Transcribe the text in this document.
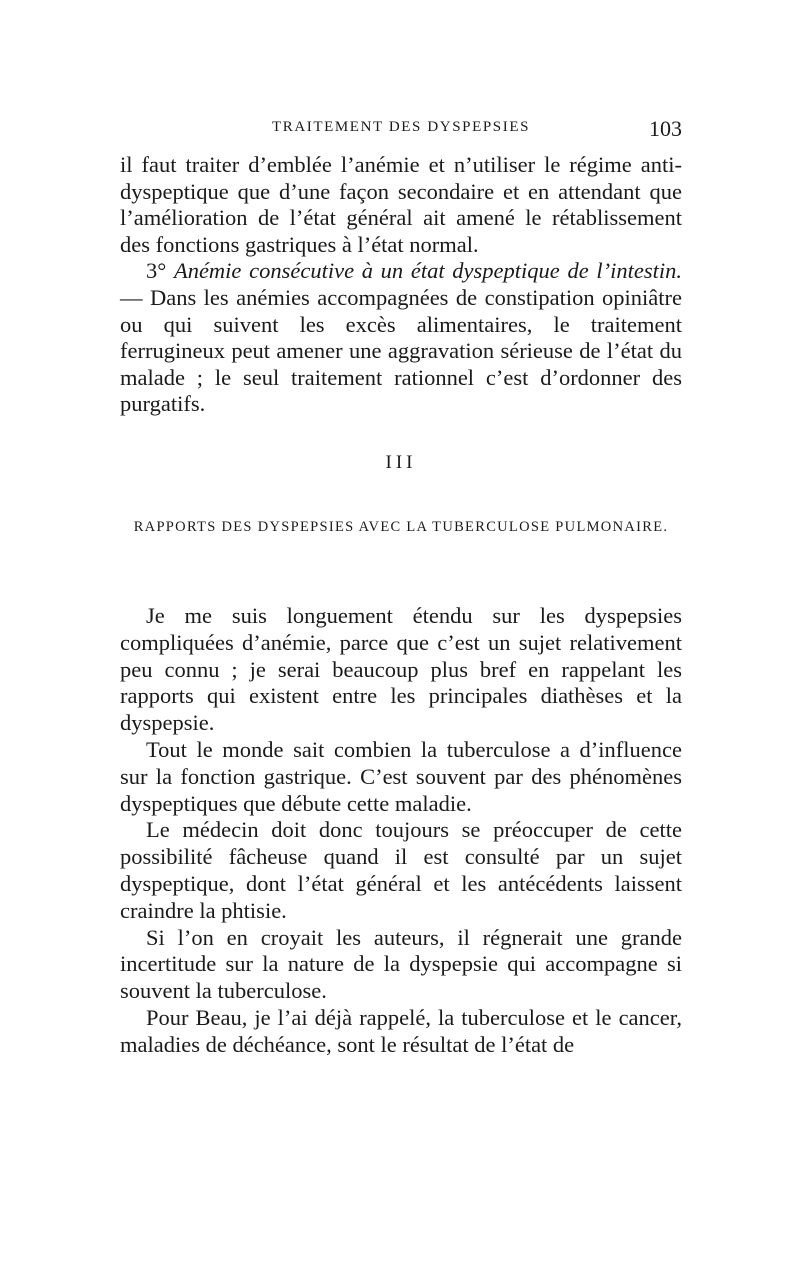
TRAITEMENT DES DYSPEPSIES	103

il faut traiter d’emblée l’anémie et n’utiliser le régime anti-dyspeptique que d’une façon secondaire et en attendant que l’amélioration de l’état général ait amené le rétablissement des fonctions gastriques à l’état normal.

3° Anémie consécutive à un état dyspeptique de l’intestin. — Dans les anémies accompagnées de constipation opiniâtre ou qui suivent les excès alimentaires, le traitement ferrugineux peut amener une aggravation sérieuse de l’état du malade ; le seul traitement rationnel c’est d’ordonner des purgatifs.

III
RAPPORTS DES DYSPEPSIES AVEC LA TUBERCULOSE PULMONAIRE.

Je me suis longuement étendu sur les dyspepsies compliquées d’anémie, parce que c’est un sujet relativement peu connu ; je serai beaucoup plus bref en rappelant les rapports qui existent entre les principales diathèses et la dyspepsie.

Tout le monde sait combien la tuberculose a d’influence sur la fonction gastrique. C’est souvent par des phénomènes dyspeptiques que débute cette maladie.

Le médecin doit donc toujours se préoccuper de cette possibilité fâcheuse quand il est consulté par un sujet dyspeptique, dont l’état général et les antécédents laissent craindre la phtisie.

Si l’on en croyait les auteurs, il régnerait une grande incertitude sur la nature de la dyspepsie qui accompagne si souvent la tuberculose.

Pour Beau, je l’ai déjà rappelé, la tuberculose et le cancer, maladies de déchéance, sont le résultat de l’état de
